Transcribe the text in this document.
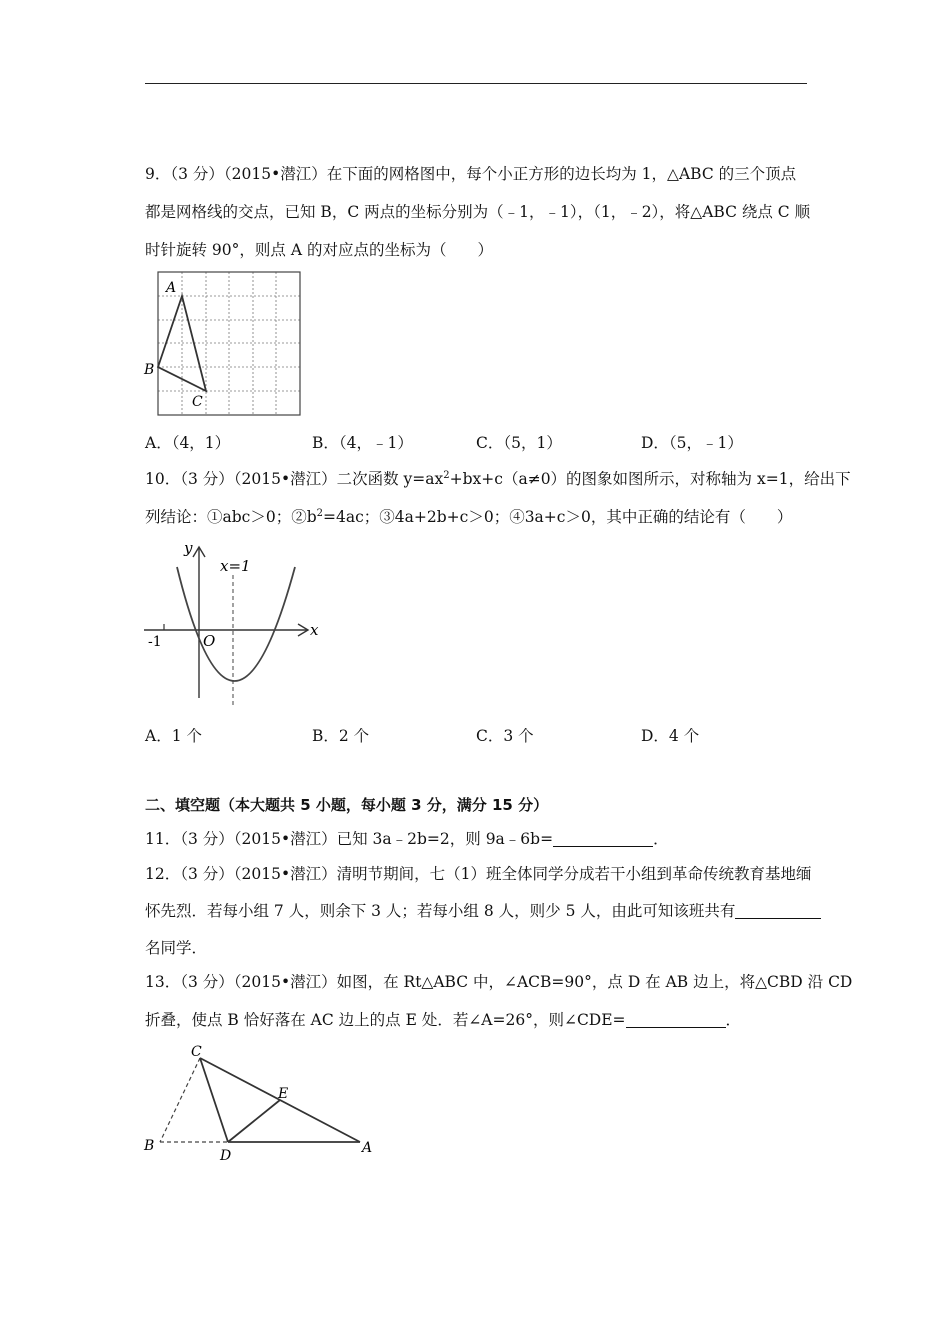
9．（3 分）（2015•潜江）在下面的网格图中，每个小正方形的边长均为 1，△ABC 的三个顶点
都是网格线的交点，已知 B，C 两点的坐标分别为（﹣1，﹣1），（1，﹣2），将△ABC 绕点 C 顺
时针旋转 90°，则点 A 的对应点的坐标为（　　）
A
B
C
A．（4，1）	B．（4，﹣1）	C．（5，1）	D．（5，﹣1）
10．（3 分）（2015•潜江）二次函数 $y=ax^2+bx+c(a\ne 0)$的图象如图所示，对称轴为 x=1，给出下
列结论：①abc＞0；$②b^2=4ac$；③4a+2b+c＞0；④3a+c＞0，其中正确的结论有（　　）
y
x
x=1
O
-1
A．1 个	B．2 个	C．3 个	D．4 个
二、填空题（本大题共 5 小题，每小题 3 分，满分 15 分）
11．（3 分）（2015•潜江）已知 3a﹣2b=2，则 9a﹣6b=	．
12．（3 分）（2015•潜江）清明节期间，七（1）班全体同学分成若干小组到革命传统教育基地缅
怀先烈．若每小组 7 人，则余下 3 人；若每小组 8 人，则少 5 人，由此可知该班共有
名同学．
13．（3 分）（2015•潜江）如图，在 Rt△ABC 中，∠ACB=90°，点 D 在 AB 边上，将△CBD 沿 CD
折叠，使点 B 恰好落在 AC 边上的点 E 处．若∠A=26°，则∠CDE=	．
C
E
B
D	A
